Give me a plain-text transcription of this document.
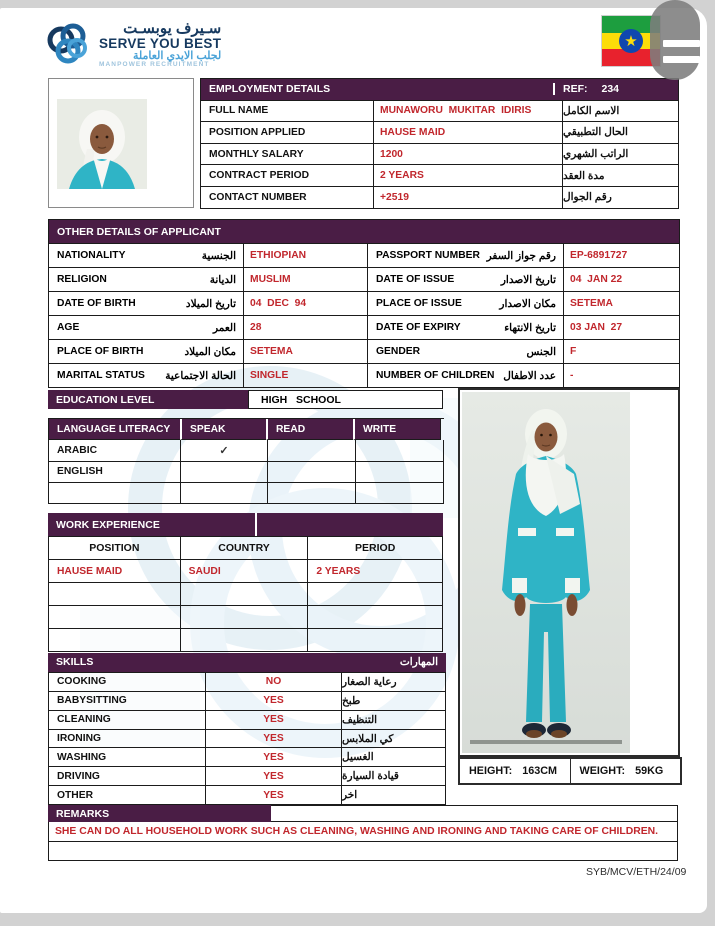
سـيرف يوبسـت
SERVE YOU BEST
لجلب الايدي العاملة
MANPOWER RECRUITMENT
★
EMPLOYMENT DETAILS	REF: 234
FULL NAME	MUNAWORU  MUKITAR  IDIRIS	الاسم الكامل
POSITION APPLIED	HAUSE MAID	الحال التطبيقي
MONTHLY SALARY	1200	الراتب الشهري
CONTRACT PERIOD	2 YEARS	مدة العقد
CONTACT NUMBER	+2519	رقم الجوال
OTHER DETAILS OF APPLICANT
NATIONALITY	الجنسية	ETHIOPIAN	PASSPORT NUMBER رقم جواز السفر	EP-6891727
RELIGION	الديانة	MUSLIM	DATE OF ISSUE	تاريخ الاصدار	04  JAN 22
DATE OF BIRTH	تاريخ الميلاد	04  DEC  94	PLACE OF ISSUE	مكان الاصدار	SETEMA
AGE	العمر	28	DATE OF EXPIRY	تاريخ الانتهاء	03 JAN  27
PLACE OF BIRTH	مكان الميلاد	SETEMA	GENDER	الجنس	F
MARITAL STATUS الحالة الاجتماعية	SINGLE	NUMBER OF CHILDREN عدد الاطفال	-
EDUCATION LEVEL	HIGH   SCHOOL
LANGUAGE LITERACY	SPEAK	READ	WRITE
ARABIC	✓
ENGLISH
WORK EXPERIENCE
POSITION	COUNTRY	PERIOD
HAUSE MAID	SAUDI	2 YEARS
SKILLS	المهارات
COOKING	NO	رعاية الصغار
BABYSITTING	YES	طبخ
CLEANING	YES	التنظيف
IRONING	YES	كي الملابس
WASHING	YES	الغسيل
DRIVING	YES	قيادة السيارة
OTHER	YES	اخر
HEIGHT: 163CM WEIGHT: 59KG
REMARKS
SHE CAN DO ALL HOUSEHOLD WORK SUCH AS CLEANING, WASHING AND IRONING AND TAKING CARE OF CHILDREN.
SYB/MCV/ETH/24/09
